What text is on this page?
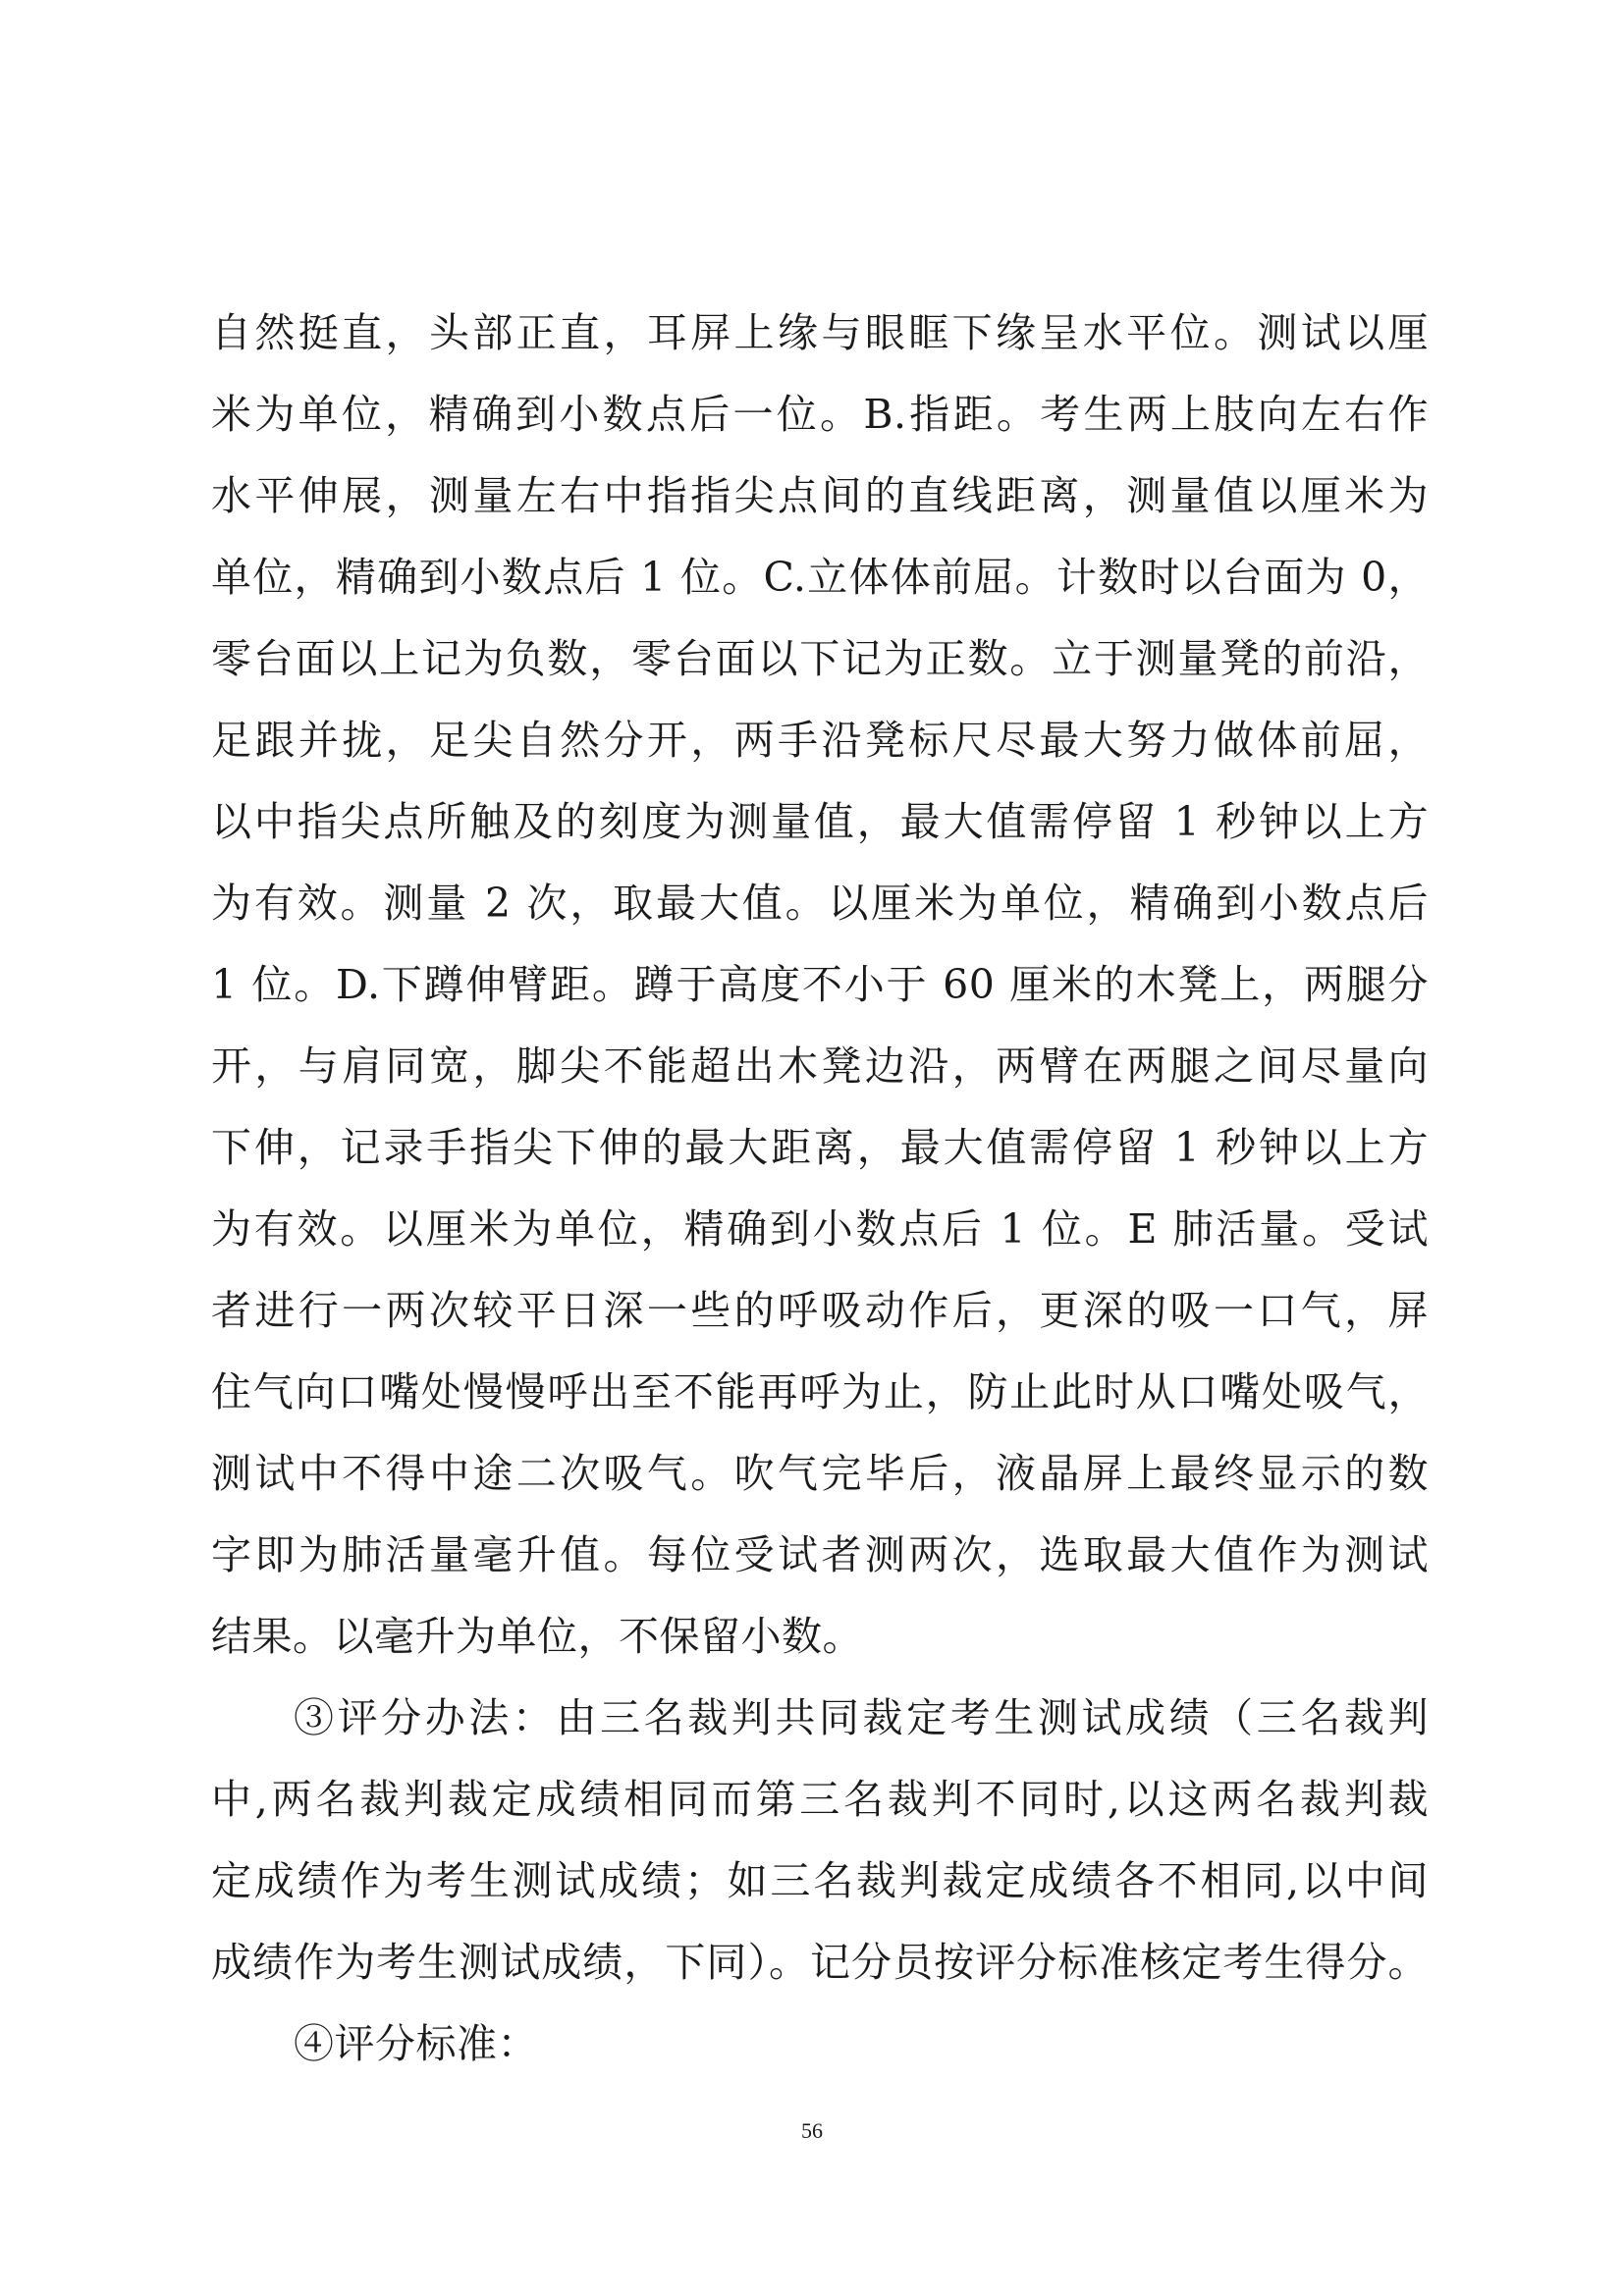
自然挺直，头部正直，耳屏上缘与眼眶下缘呈水平位。测试以厘
米为单位，精确到小数点后一位。B.指距。考生两上肢向左右作
水平伸展，测量左右中指指尖点间的直线距离，测量值以厘米为
单位，精确到小数点后 1 位。C.立体体前屈。计数时以台面为 0，
零台面以上记为负数，零台面以下记为正数。立于测量凳的前沿，
足跟并拢，足尖自然分开，两手沿凳标尺尽最大努力做体前屈，
以中指尖点所触及的刻度为测量值，最大值需停留 1 秒钟以上方
为有效。测量 2 次，取最大值。以厘米为单位，精确到小数点后
1 位。D.下蹲伸臂距。蹲于高度不小于 60 厘米的木凳上，两腿分
开，与肩同宽，脚尖不能超出木凳边沿，两臂在两腿之间尽量向
下伸，记录手指尖下伸的最大距离，最大值需停留 1 秒钟以上方
为有效。以厘米为单位，精确到小数点后 1 位。E 肺活量。受试
者进行一两次较平日深一些的呼吸动作后，更深的吸一口气，屏
住气向口嘴处慢慢呼出至不能再呼为止，防止此时从口嘴处吸气，
测试中不得中途二次吸气。吹气完毕后，液晶屏上最终显示的数
字即为肺活量毫升值。每位受试者测两次，选取最大值作为测试
结果。以毫升为单位，不保留小数。
③评分办法：由三名裁判共同裁定考生测试成绩（三名裁判
中,两名裁判裁定成绩相同而第三名裁判不同时,以这两名裁判裁
定成绩作为考生测试成绩；如三名裁判裁定成绩各不相同,以中间
成绩作为考生测试成绩，下同）。记分员按评分标准核定考生得分。
④评分标准：
56
